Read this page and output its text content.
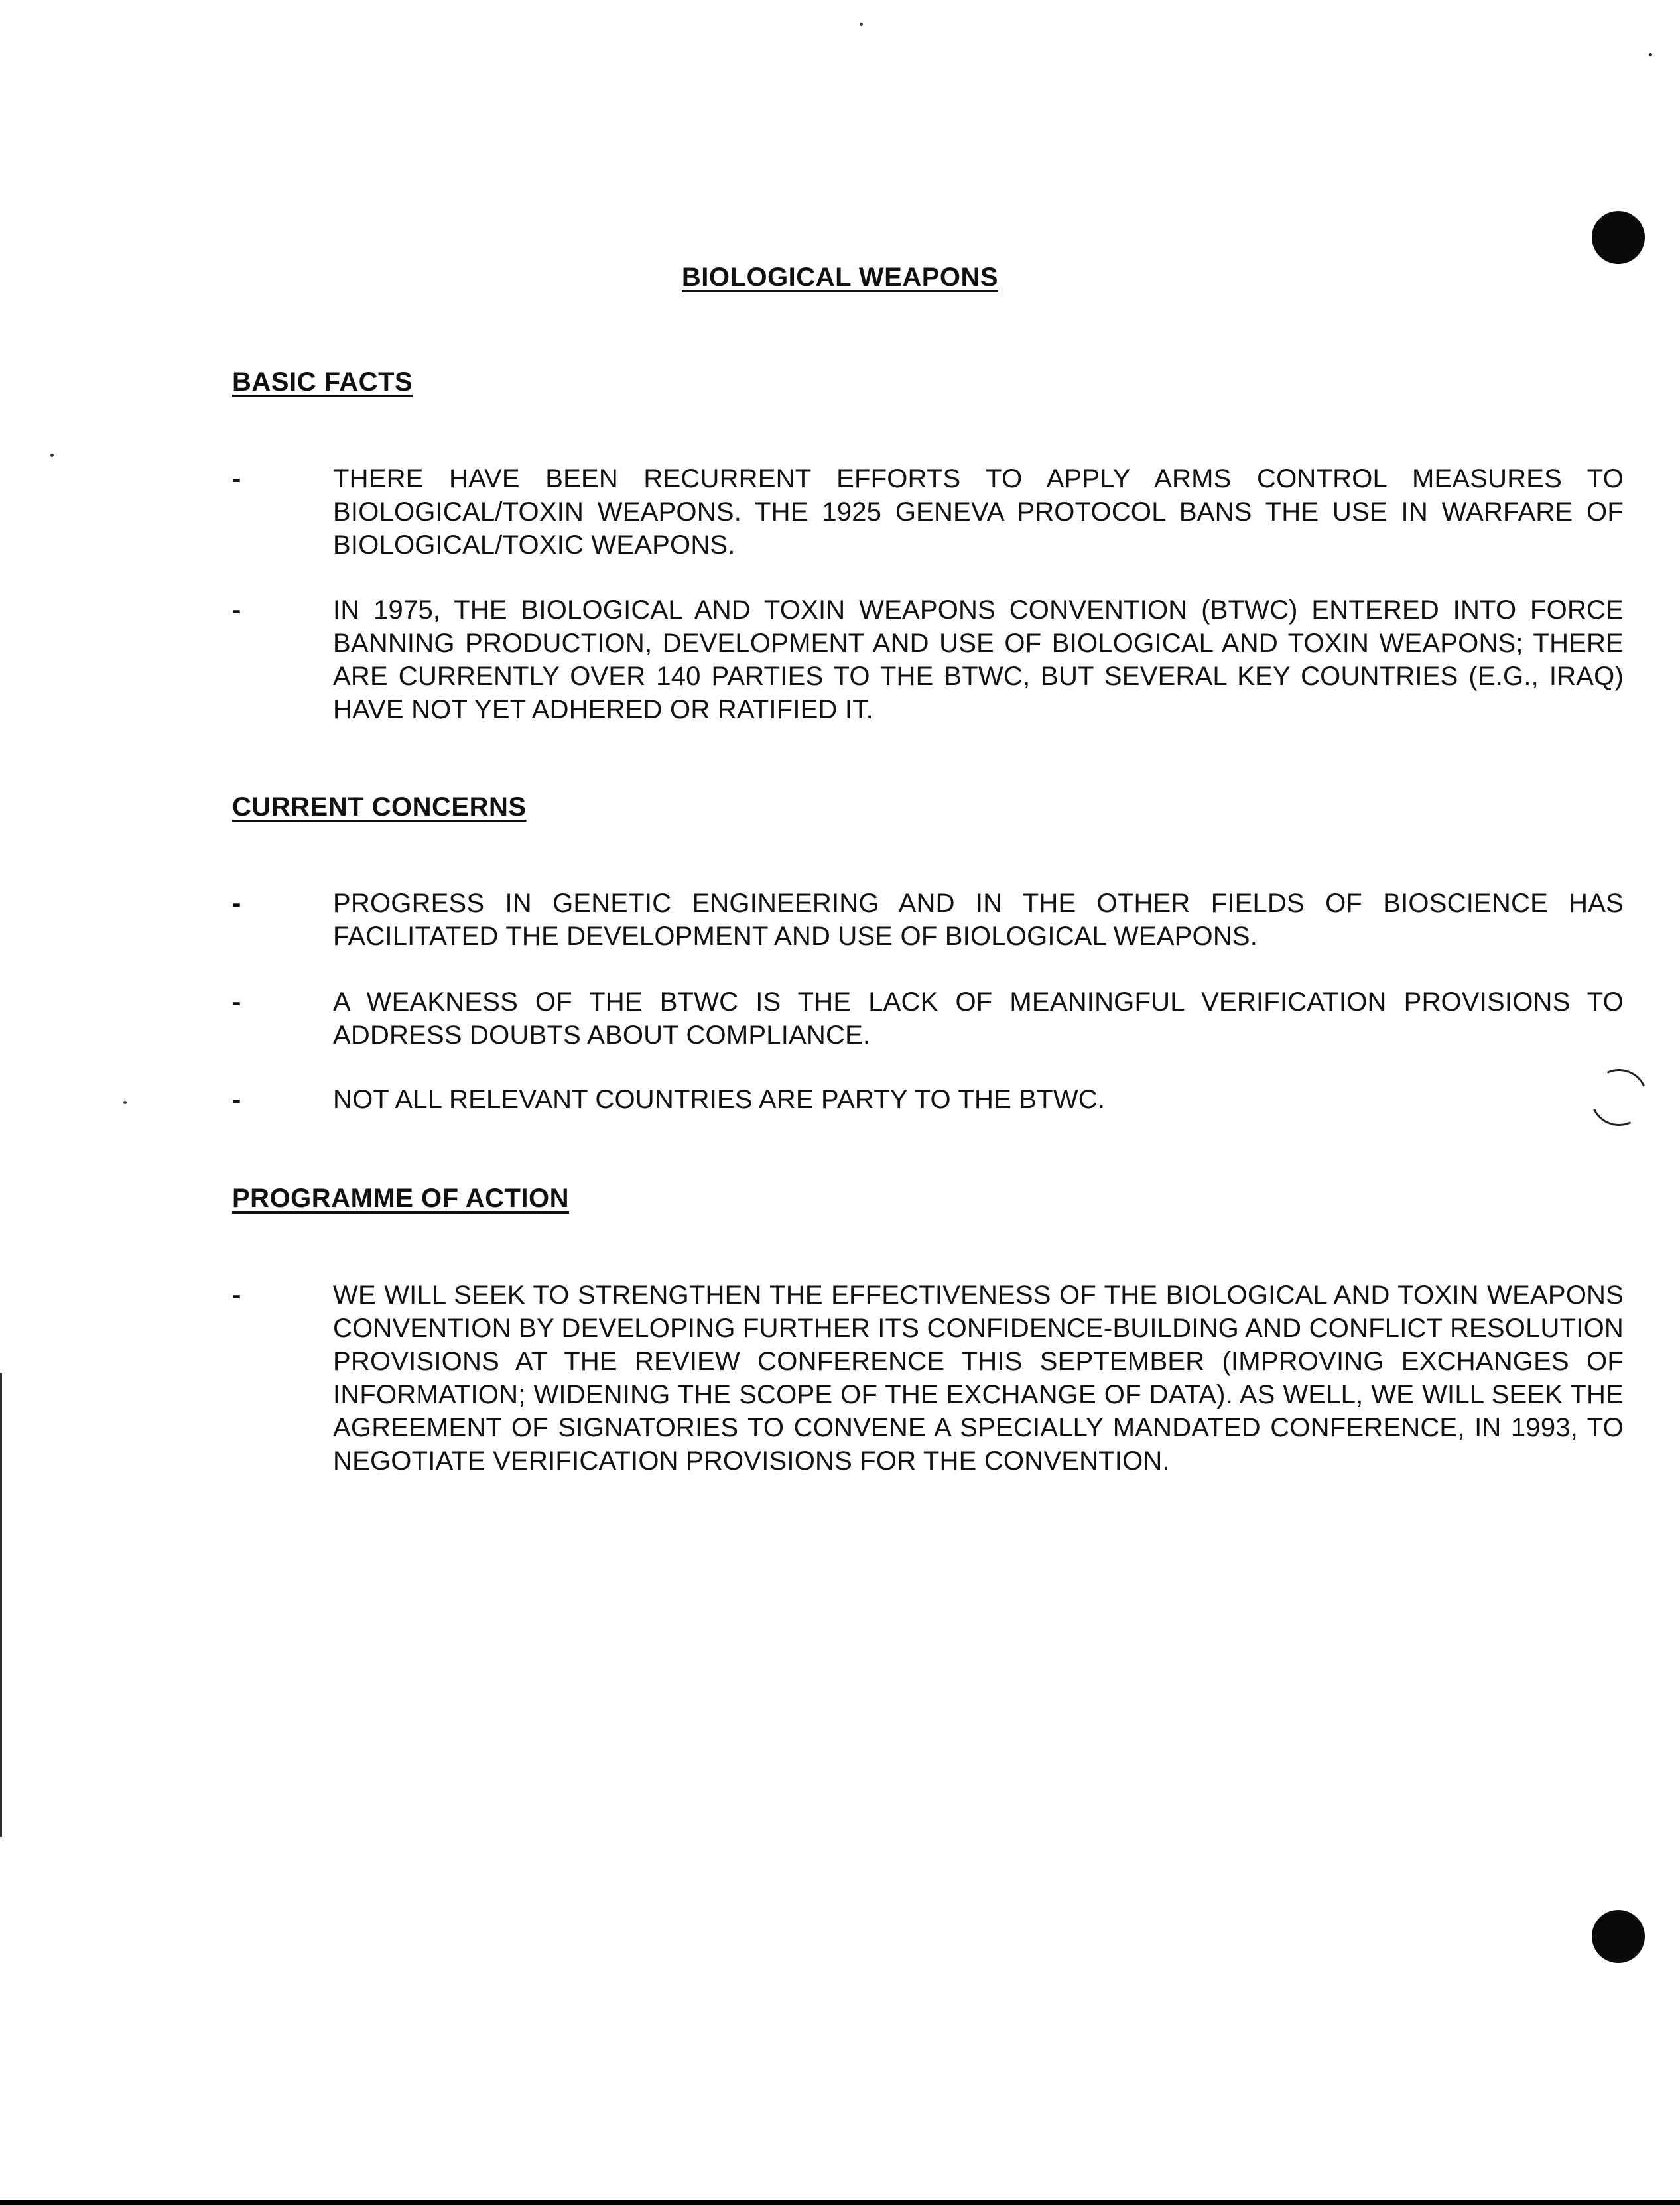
BIOLOGICAL WEAPONS
BASIC FACTS
-	THERE HAVE BEEN RECURRENT EFFORTS TO APPLY ARMS CONTROL MEASURES TO BIOLOGICAL/TOXIN WEAPONS. THE 1925 GENEVA PROTOCOL BANS THE USE IN WARFARE OF BIOLOGICAL/TOXIC WEAPONS.
-	IN 1975, THE BIOLOGICAL AND TOXIN WEAPONS CONVENTION (BTWC) ENTERED INTO FORCE BANNING PRODUCTION, DEVELOPMENT AND USE OF BIOLOGICAL AND TOXIN WEAPONS; THERE ARE CURRENTLY OVER 140 PARTIES TO THE BTWC, BUT SEVERAL KEY COUNTRIES (E.G., IRAQ) HAVE NOT YET ADHERED OR RATIFIED IT.
CURRENT CONCERNS
-	PROGRESS IN GENETIC ENGINEERING AND IN THE OTHER FIELDS OF BIOSCIENCE HAS FACILITATED THE DEVELOPMENT AND USE OF BIOLOGICAL WEAPONS.
-	A WEAKNESS OF THE BTWC IS THE LACK OF MEANINGFUL VERIFICATION PROVISIONS TO ADDRESS DOUBTS ABOUT COMPLIANCE.
-	NOT ALL RELEVANT COUNTRIES ARE PARTY TO THE BTWC.
PROGRAMME OF ACTION
-	WE WILL SEEK TO STRENGTHEN THE EFFECTIVENESS OF THE BIOLOGICAL AND TOXIN WEAPONS CONVENTION BY DEVELOPING FURTHER ITS CONFIDENCE-BUILDING AND CONFLICT RESOLUTION PROVISIONS AT THE REVIEW CONFERENCE THIS SEPTEMBER (IMPROVING EXCHANGES OF INFORMATION; WIDENING THE SCOPE OF THE EXCHANGE OF DATA). AS WELL, WE WILL SEEK THE AGREEMENT OF SIGNATORIES TO CONVENE A SPECIALLY MANDATED CONFERENCE, IN 1993, TO NEGOTIATE VERIFICATION PROVISIONS FOR THE CONVENTION.
